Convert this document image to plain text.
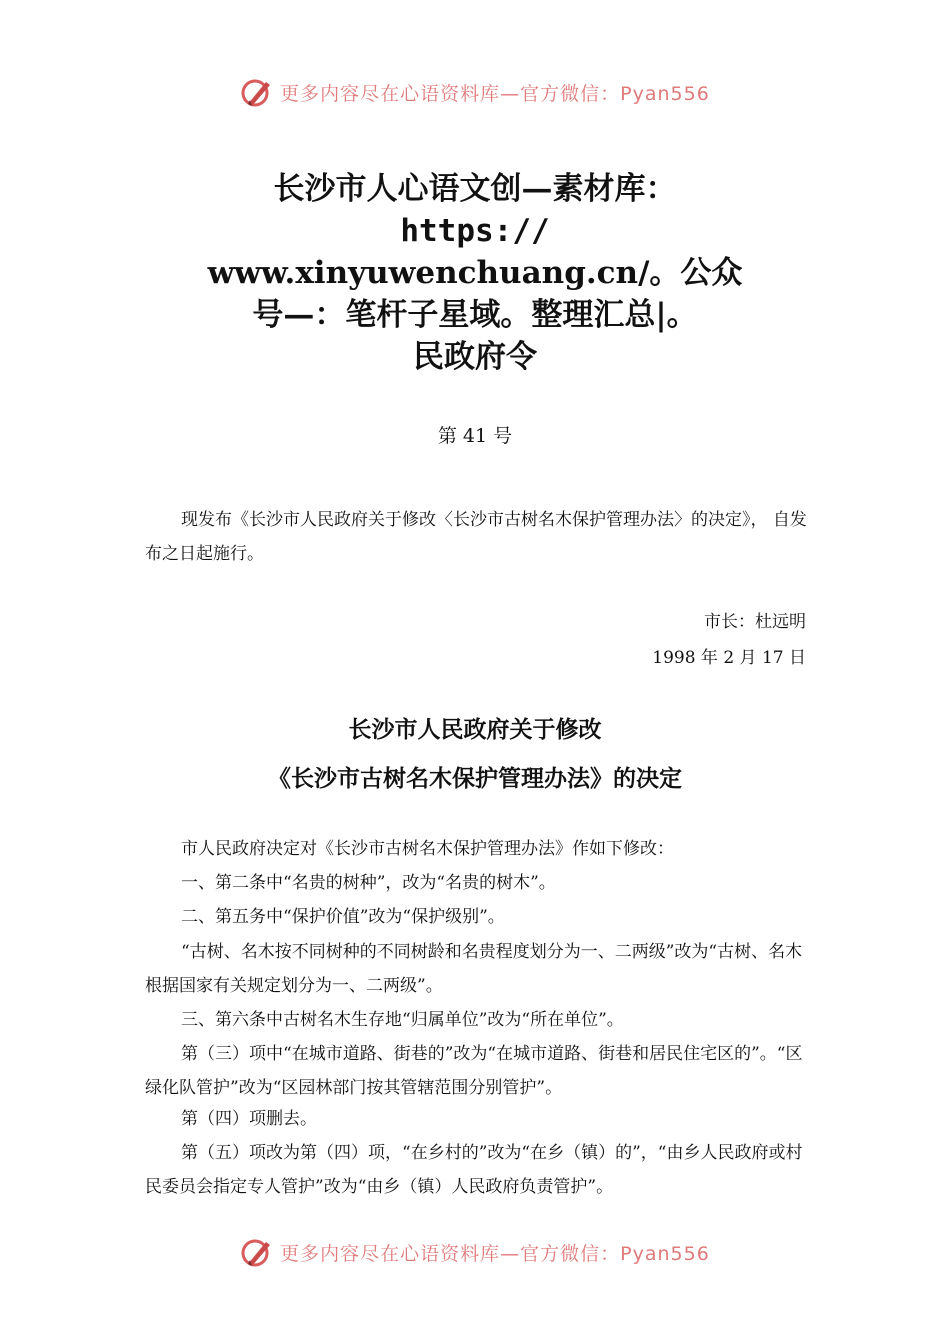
更多内容尽在心语资料库—官方微信：Pyan556
长沙市人心语文创—素材库：
https://
www.xinyuwenchuang.cn/。公众
号—：笔杆子星域。整理汇总|。
民政府令
第 41 号

现发布《长沙市人民政府关于修改〈长沙市古树名木保护管理办法〉的决定》， 自发布之日起施行。

市长：杜远明
1998 年 2 月 17 日
长沙市人民政府关于修改
《长沙市古树名木保护管理办法》的决定

市人民政府决定对《长沙市古树名木保护管理办法》作如下修改：

一、第二条中“名贵的树种”，改为“名贵的树木”。

二、第五务中“保护价值”改为“保护级别”。

“古树、名木按不同树种的不同树龄和名贵程度划分为一、二两级”改为“古树、名木根据国家有关规定划分为一、二两级”。

三、第六条中古树名木生存地“归属单位”改为“所在单位”。

第（三）项中“在城市道路、街巷的”改为“在城市道路、街巷和居民住宅区的”。“区绿化队管护”改为“区园林部门按其管辖范围分别管护”。

第（四）项删去。

第（五）项改为第（四）项，“在乡村的”改为“在乡（镇）的”，“由乡人民政府或村民委员会指定专人管护”改为“由乡（镇）人民政府负责管护”。

更多内容尽在心语资料库—官方微信：Pyan556
